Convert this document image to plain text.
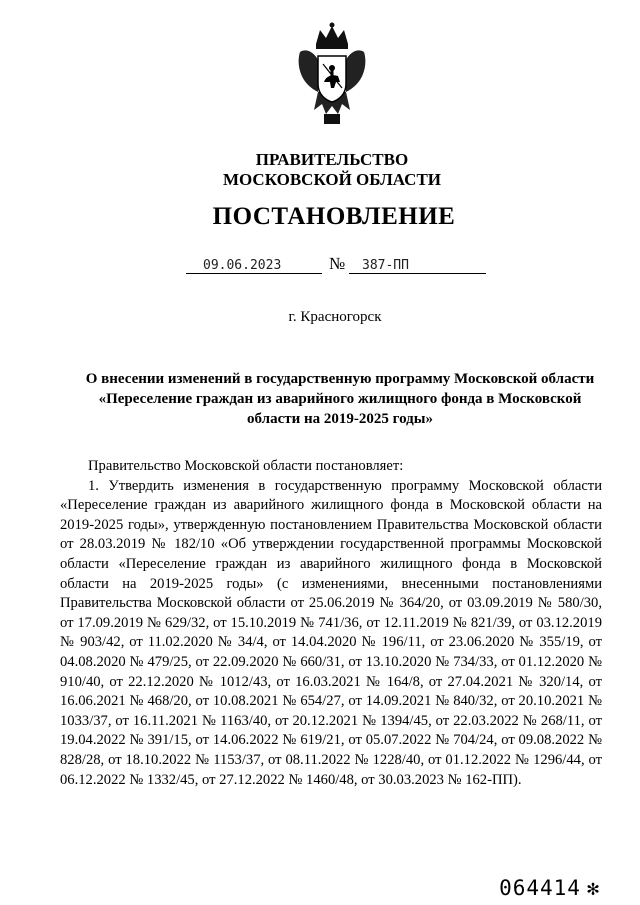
ПРАВИТЕЛЬСТВО
МОСКОВСКОЙ ОБЛАСТИ
ПОСТАНОВЛЕНИЕ
09.06.2023	№ 387-ПП
г. Красногорск
О внесении изменений в государственную программу Московской области
«Переселение граждан из аварийного жилищного фонда в Московской
области на 2019-2025 годы»

Правительство Московской области постановляет:

1. Утвердить изменения в государственную программу Московской области «Переселение граждан из аварийного жилищного фонда в Московской области на 2019-2025 годы», утвержденную постановлением Правительства Московской области от 28.03.2019 № 182/10 «Об утверждении государственной программы Московской области «Переселение граждан из аварийного жилищного фонда в Московской области на 2019-2025 годы» (с изменениями, внесенными постановлениями Правительства Московской области от 25.06.2019 № 364/20, от 03.09.2019 № 580/30, от 17.09.2019 № 629/32, от 15.10.2019 № 741/36, от 12.11.2019 № 821/39, от 03.12.2019 № 903/42, от 11.02.2020 № 34/4, от 14.04.2020 № 196/11, от 23.06.2020 № 355/19, от 04.08.2020 № 479/25, от 22.09.2020 № 660/31, от 13.10.2020 № 734/33, от 01.12.2020 № 910/40, от 22.12.2020 № 1012/43, от 16.03.2021 № 164/8, от 27.04.2021 № 320/14, от 16.06.2021 № 468/20, от 10.08.2021 № 654/27, от 14.09.2021 № 840/32, от 20.10.2021 № 1033/37, от 16.11.2021 № 1163/40, от 20.12.2021 № 1394/45, от 22.03.2022 № 268/11, от 19.04.2022 № 391/15, от 14.06.2022 № 619/21, от 05.07.2022 № 704/24, от 09.08.2022 № 828/28, от 18.10.2022 № 1153/37, от 08.11.2022 № 1228/40, от 01.12.2022 № 1296/44, от 06.12.2022 № 1332/45, от 27.12.2022 № 1460/48, от 30.03.2023 № 162-ПП).

064414 ✻
